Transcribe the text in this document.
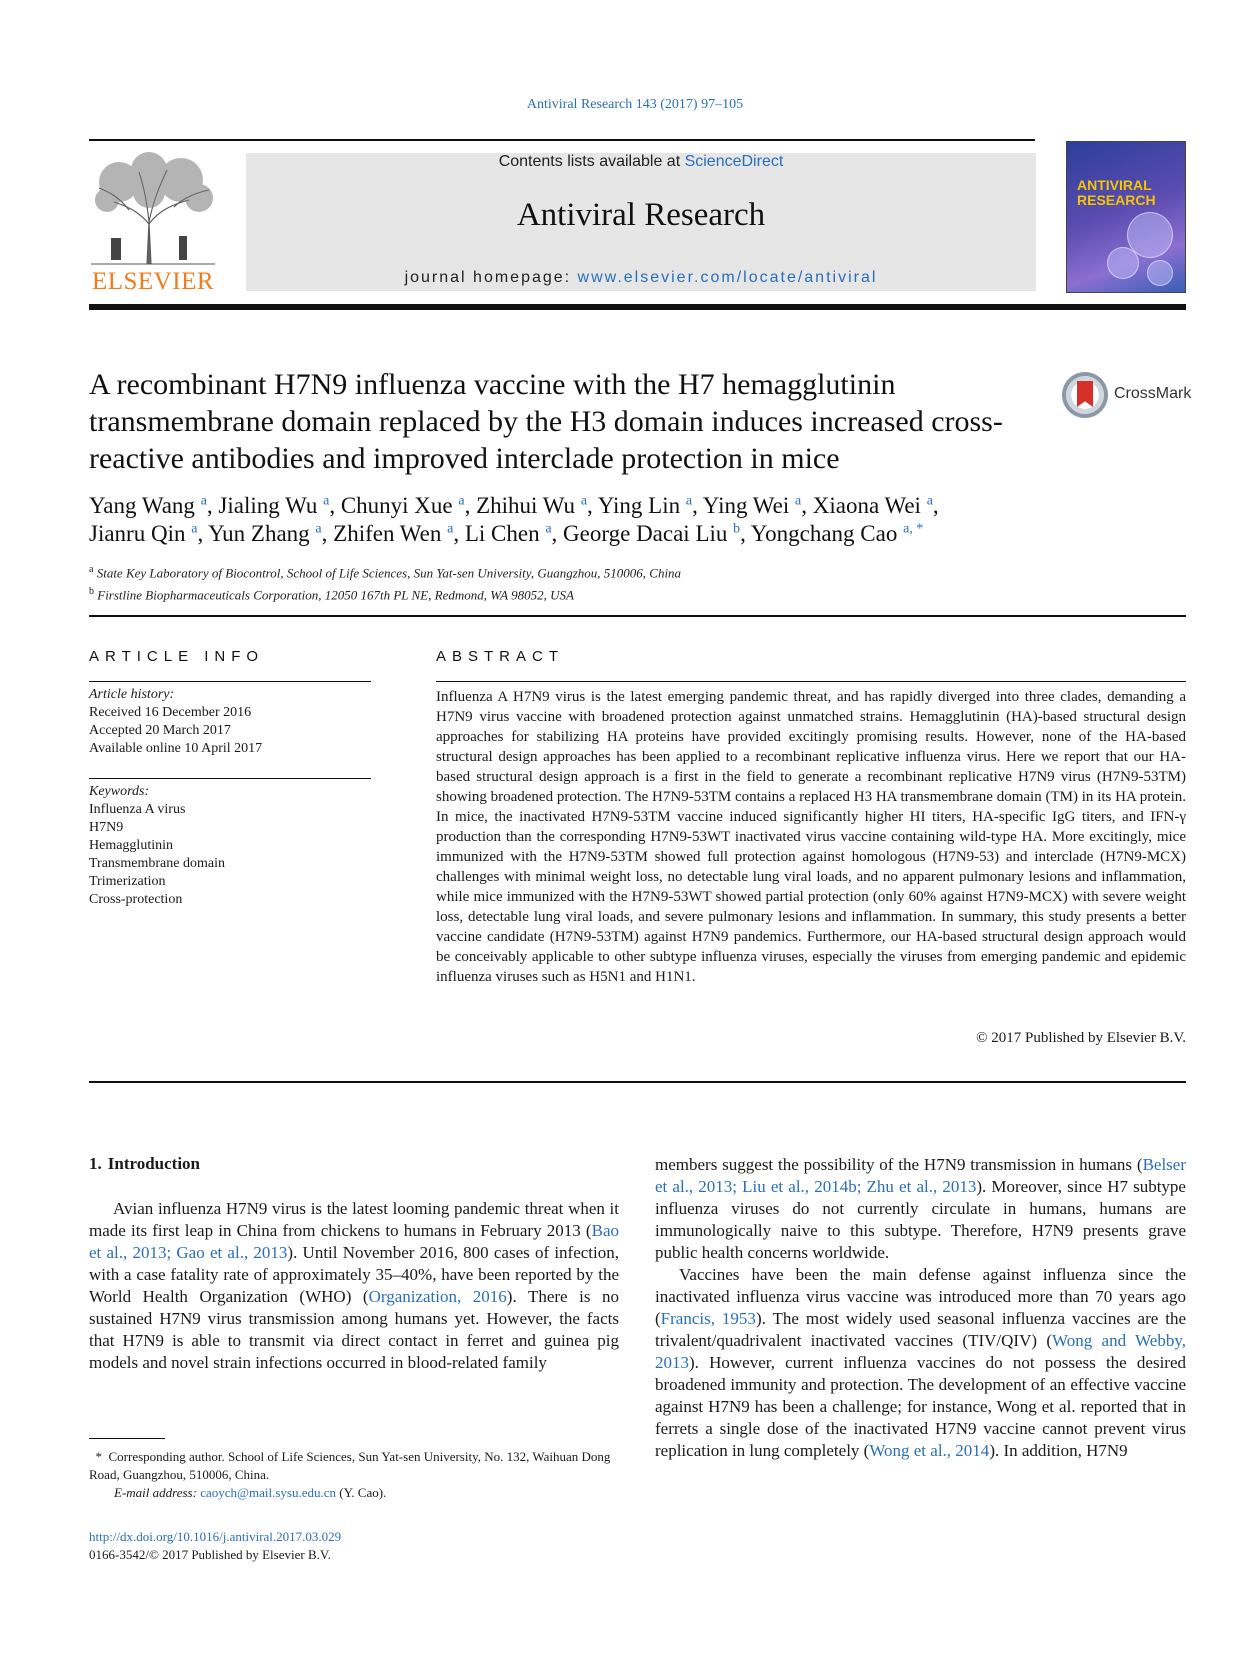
Antiviral Research 143 (2017) 97–105
ELSEVIER
Contents lists available at ScienceDirect
Antiviral Research
journal homepage: www.elsevier.com/locate/antiviral
ANTIVIRAL
RESEARCH
A recombinant H7N9 influenza vaccine with the H7 hemagglutinin transmembrane domain replaced by the H3 domain induces increased cross-reactive antibodies and improved interclade protection in mice
CrossMark
Yang Wang $^a$, Jialing Wu $^a$, Chunyi Xue $^a$, Zhihui Wu $^a$, Ying Lin $^a$, Ying Wei $^a$, Xiaona Wei $^a$,
Jianru Qin $^a$, Yun Zhang $^a$, Zhifen Wen $^a$, Li Chen $^a$, George Dacai Liu $^b$, Yongchang Cao $^{a, *}$
$^a$ State Key Laboratory of Biocontrol, School of Life Sciences, Sun Yat-sen University, Guangzhou, 510006, China
$^b$ Firstline Biopharmaceuticals Corporation, 12050 167th PL NE, Redmond, WA 98052, USA
ARTICLE INFO
Article history:
Received 16 December 2016
Accepted 20 March 2017
Available online 10 April 2017
Keywords:
Influenza A virus
H7N9
Hemagglutinin
Transmembrane domain
Trimerization
Cross-protection
ABSTRACT
Influenza A H7N9 virus is the latest emerging pandemic threat, and has rapidly diverged into three clades, demanding a H7N9 virus vaccine with broadened protection against unmatched strains. Hemagglutinin (HA)-based structural design approaches for stabilizing HA proteins have provided excitingly promising results. However, none of the HA-based structural design approaches has been applied to a recombinant replicative influenza virus. Here we report that our HA-based structural design approach is a first in the field to generate a recombinant replicative H7N9 virus (H7N9-53TM) showing broadened protection. The H7N9-53TM contains a replaced H3 HA transmembrane domain (TM) in its HA protein. In mice, the inactivated H7N9-53TM vaccine induced significantly higher HI titers, HA-specific IgG titers, and IFN-γ production than the corresponding H7N9-53WT inactivated virus vaccine containing wild-type HA. More excitingly, mice immunized with the H7N9-53TM showed full protection against homologous (H7N9-53) and interclade (H7N9-MCX) challenges with minimal weight loss, no detectable lung viral loads, and no apparent pulmonary lesions and inflammation, while mice immunized with the H7N9-53WT showed partial protection (only 60% against H7N9-MCX) with severe weight loss, detectable lung viral loads, and severe pulmonary lesions and inflammation. In summary, this study presents a better vaccine candidate (H7N9-53TM) against H7N9 pandemics. Furthermore, our HA-based structural design approach would be conceivably applicable to other subtype influenza viruses, especially the viruses from emerging pandemic and epidemic influenza viruses such as H5N1 and H1N1.
© 2017 Published by Elsevier B.V.
1. Introduction

Avian influenza H7N9 virus is the latest looming pandemic threat when it made its first leap in China from chickens to humans in February 2013 (Bao et al., 2013; Gao et al., 2013). Until November 2016, 800 cases of infection, with a case fatality rate of approximately 35–40%, have been reported by the World Health Organization (WHO) (Organization, 2016). There is no sustained H7N9 virus transmission among humans yet. However, the facts that H7N9 is able to transmit via direct contact in ferret and guinea pig models and novel strain infections occurred in blood-related family

members suggest the possibility of the H7N9 transmission in humans (Belser et al., 2013; Liu et al., 2014b; Zhu et al., 2013). Moreover, since H7 subtype influenza viruses do not currently circulate in humans, humans are immunologically naive to this subtype. Therefore, H7N9 presents grave public health concerns worldwide.

Vaccines have been the main defense against influenza since the inactivated influenza virus vaccine was introduced more than 70 years ago (Francis, 1953). The most widely used seasonal influenza vaccines are the trivalent/quadrivalent inactivated vaccines (TIV/QIV) (Wong and Webby, 2013). However, current influenza vaccines do not possess the desired broadened immunity and protection. The development of an effective vaccine against H7N9 has been a challenge; for instance, Wong et al. reported that in ferrets a single dose of the inactivated H7N9 vaccine cannot prevent virus replication in lung completely (Wong et al., 2014). In addition, H7N9

* Corresponding author. School of Life Sciences, Sun Yat-sen University, No. 132, Waihuan Dong Road, Guangzhou, 510006, China.
E-mail address: caoych@mail.sysu.edu.cn (Y. Cao).
http://dx.doi.org/10.1016/j.antiviral.2017.03.029
0166-3542/© 2017 Published by Elsevier B.V.
